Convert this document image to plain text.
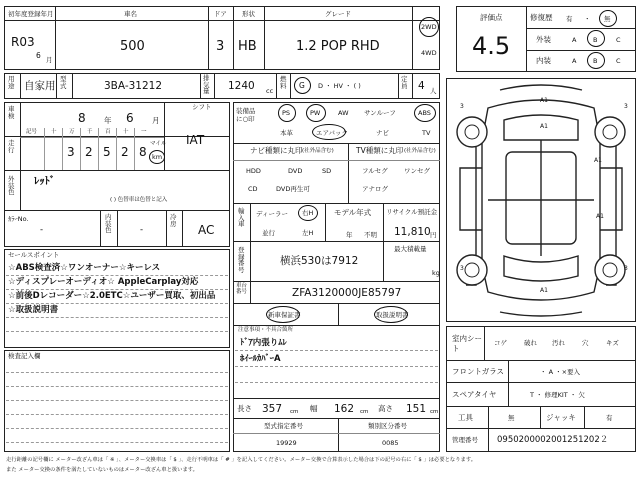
初年度登録年月
R03
6 月
車名
500
ドア
3
形状
HB
グレード
1.2 POP RHD
2WD
4WD
用途 自家用
型式	3BA-31212
排気量 1240 cc
燃料 G D ・ HV ・ ( )
定員 4 人
車検	8 年 6 月
シフト
IAT
走行
記号	十 万 千 百 十 一
3 2 5 2 8
マイル
km
外装色
ﾚｯﾄﾞ
( ) 色替車は色替と記入
ｶﾗｰNo.
-
内装色	-
冷房 AC
セールスポイント
☆ABS検査済☆ワンオーナー☆キーレス
☆ディスプレーオーディオ☆ AppleCarplay対応
☆前後Dレコーダー☆2.0ETC☆ユーザー買取、初出品
☆取扱説明書
検査記入欄
装備品に○印
PS	PW	AW サンルーフ	ABS
本革	エアバック	ナビ	TV
ナビ種類に丸印 (社外品含む)
HDD	DVD	SD
CD	DVD再生可
TV種類に丸印 (社外品含む)
フルセグ	ワンセグ
アナログ
輸入車
ディーラー 右H
並行	左H
モデル年式
年 不明
リサイクル預託金
11,810 円
登録番号
横浜530は7912
最大積載量
kg
車台番号	ZFA3120000JE85797
新車保証書	取扱説明書
注意事項・不具合箇所
ﾄﾞｱ内張りﾑﾚ
ﾎｲｰﾙｶﾊﾞｰA
長さ 357 cm 幅 162 cm 高さ 151 cm
型式指定番号
19929
類別区分番号
0085
評価点
4.5
修復歴 有 ・ 無
外装	A	B	C
内装	A	B	C
A1
A1
A1
A1
A1
3	3
3	3
室内シート
コゲ	破れ 汚れ	穴	キズ
フロントガラス	・ A ・×要入
スペアタイヤ	T ・ 修理KIT ・ 欠
工具	無	ジャッキ	有
管理番号 0950200002001251202２
走行距離の記号欄に メーター改ざん車は「 ※ 」、メーター交換車は「 $ 」、走行不明車は「 # 」を記入してください。メーター交換で合算表示した場合は下の記号の右に「 $ 」は必要となります。
また メーター交換の条件を満たしていないものはメーター改ざん車と扱います。
